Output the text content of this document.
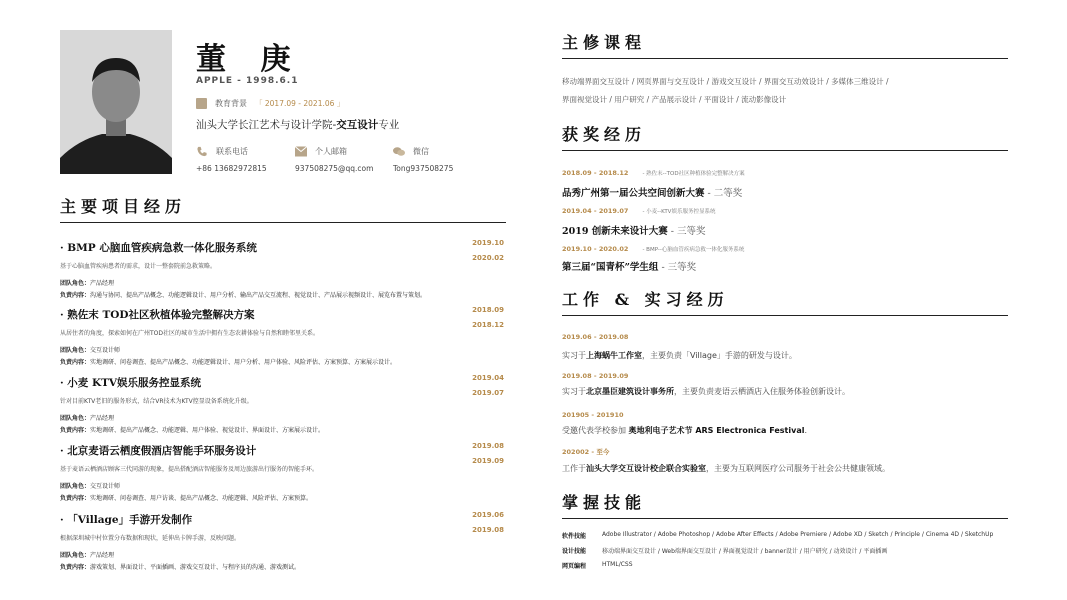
董 庚
APPLE - 1998.6.1
教育背景 「 2017.09 - 2021.06 」
汕头大学长江艺术与设计学院-交互设计专业
联系电话
+86 13682972815
个人邮箱
937508275@qq.com
微信
Tong937508275
主要项目经历
· BMP 心脑血管疾病急救一体化服务系统
基于心脑血管疾病患者的需求，设计一整套院前急救策略。
团队角色：产品经理
负责内容：沟通与协同、提出产品概念、功能逻辑设计、用户分析、输出产品交互流程、视觉设计、产品展示视频设计、展览布置与策划。
2019.10
2020.02
· 熟佐末 TOD社区秋植体验完整解决方案
从居住者的角度，探索如何在广州TOD社区的城市生活中拥有生态农耕体验与自然和睦邻里关系。
团队角色：交互设计师
负责内容：实地调研、问卷调查、提出产品概念、功能逻辑设计、用户分析、用户体验、风险评估、方案预算、方案展示设计。
2018.09
2018.12
· 小麦 KTV娱乐服务控显系统
针对目前KTV老旧的服务形式，结合VR技术为KTV控显设备系统化升级。
团队角色：产品经理
负责内容：实地调研、提出产品概念、功能逻辑、用户体验、视觉设计、界面设计、方案展示设计。
2019.04
2019.07
· 北京麦语云栖度假酒店智能手环服务设计
基于麦语云栖酒店顾客三代同游的现象，提出搭配酒店智能服务及周边旅游出行服务的智能手环。
团队角色：交互设计师
负责内容：实地调研、问卷调查、用户访谈、提出产品概念、功能逻辑、风险评估、方案预算。
2019.08
2019.09
· 「Village」手游开发制作
根据深圳城中村位置分布数据和现状，延伸出卡牌手游，反映问题。
团队角色：产品经理
负责内容：游戏策划、界面设计、平面插画、游戏交互设计、与程序员的沟通、游戏测试。
2019.06
2019.08
主修课程
移动端界面交互设计 / 网页界面与交互设计 / 游戏交互设计 / 界面交互动效设计 / 多媒体三维设计 /
界面视觉设计 / 用户研究 / 产品展示设计 / 平面设计 / 流动影像设计
获奖经历
2018.09 - 2018.12	- 熟佐末--TOD社区种植体验完整解决方案
品秀广州第一届公共空间创新大赛 - 二等奖
2019.04 - 2019.07	- 小麦--KTV娱乐服务控显系统
2019 创新未来设计大赛 - 三等奖
2019.10 - 2020.02	- BMP--心脑血管疾病急救一体化服务系统
第三届“国青杯”学生组 - 三等奖
工作 & 实习经历
2019.06 - 2019.08
实习于上海蜗牛工作室，主要负责「Village」手游的研发与设计。
2019.08 - 2019.09
实习于北京墨臣建筑设计事务所，主要负责麦语云栖酒店入住服务体验创新设计。
201905 - 201910
受邀代表学校参加 奥地利电子艺术节 ARS Electronica Festival.
202002 - 至今
工作于汕头大学交互设计校企联合实验室，主要为互联网医疗公司服务于社会公共健康领域。
掌握技能
软件技能	Adobe Illustrator / Adobe Photoshop / Adobe After Effects / Adobe Premiere / Adobe XD / Sketch / Principle / Cinema 4D / SketchUp
设计技能	移动端界面交互设计 / Web端界面交互设计 / 界面视觉设计 / banner设计 / 用户研究 / 动效设计 / 平面插画
网页编程	HTML/CSS
